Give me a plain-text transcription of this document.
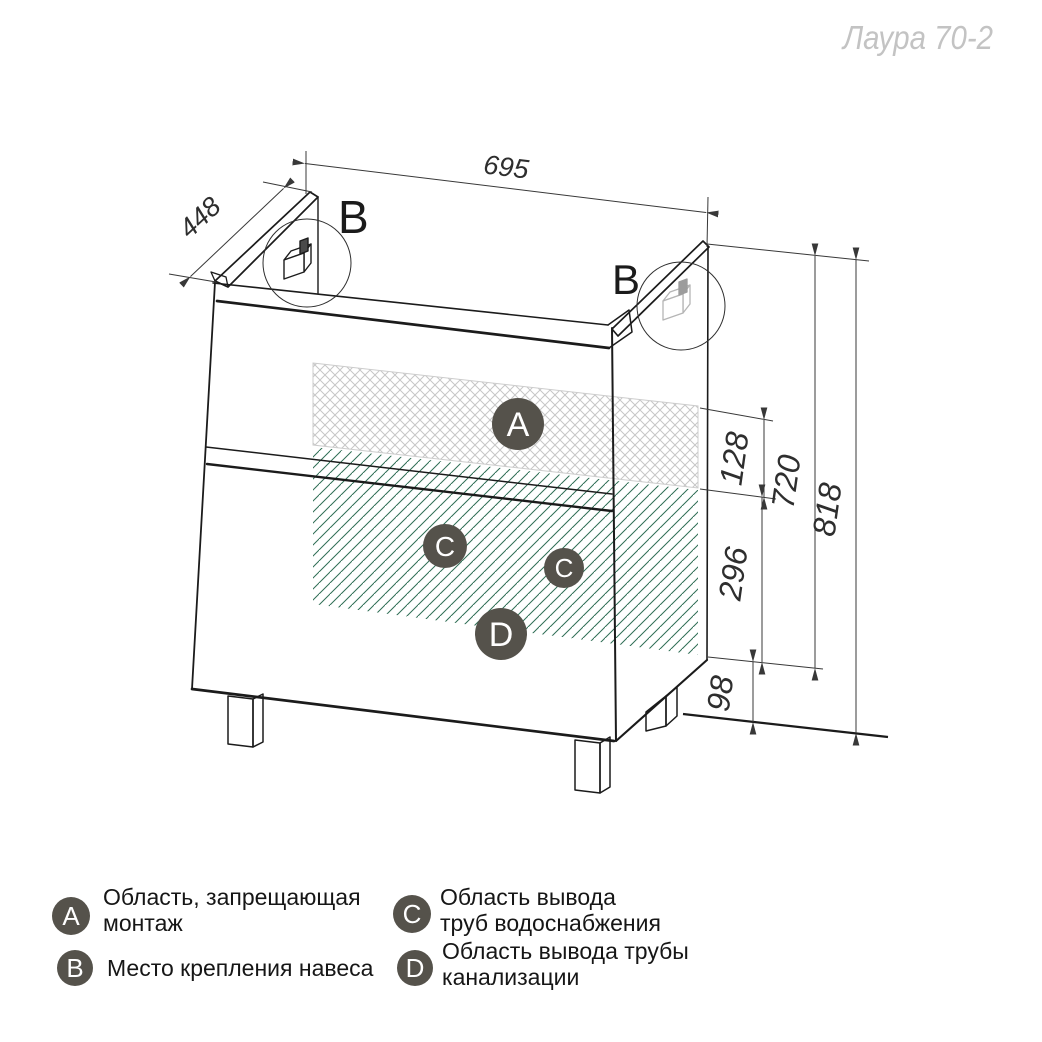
B
B
A
C
C
D
695
448
128 720
818
296
98
Лаура 70-2
A
Область, запрещающая
монтаж
B Место крепления навеса
C
Область вывода
труб водоснабжения
D
Область вывода трубы
канализации
